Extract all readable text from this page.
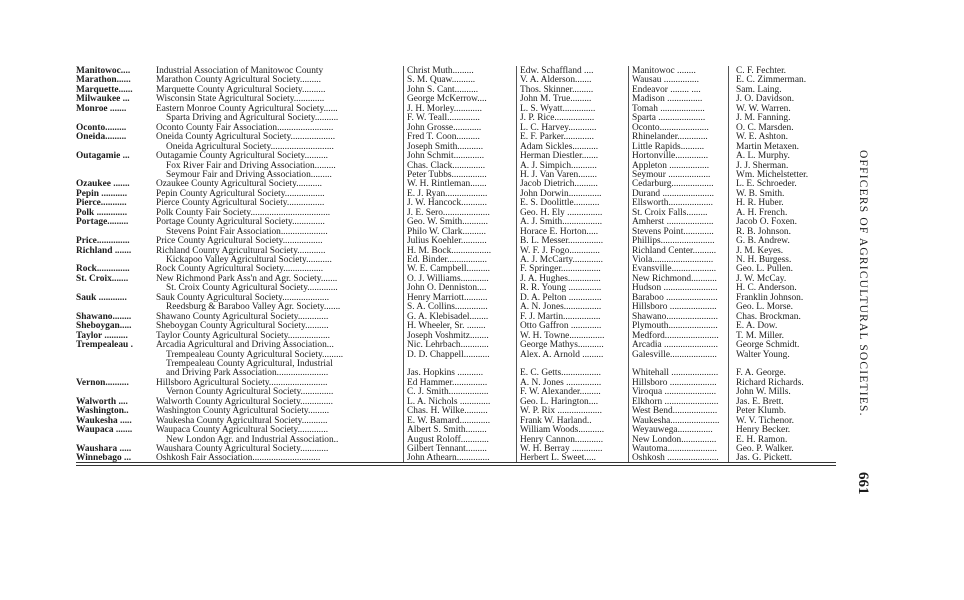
Manitowoc....	Industrial Association of Manitowoc County	Christ Muth.........	Edw. Schaffland ....	Manitowoc ........	C. F. Fechter.
Marathon......	Marathon County Agricultural Society.........	S. M. Quaw..........	V. A. Alderson.......	Wausau ...............	E. C. Zimmerman.
Marquette......	Marquette County Agricultural Society..........	John S. Cant..........	Thos. Skinner.........	Endeavor ........ ....	Sam. Laing.
Milwaukee ...	Wisconsin State Agricultural Society.............	George McKerrow....	John M. True.........	Madison ...............	J. O. Davidson.
Monroe .......	Eastern Monroe County Agricultural Society......	J. H. Morley............	L. S. Wyatt..............	Tomah ...................	W. W. Warren.
Sparta Driving and Agricultural Society..........	F. W. Teall..............	J. P. Rice.................	Sparta ....................	J. M. Fanning.
Oconto.........	Oconto County Fair Association........................	John Grosse............	L. C. Harvey............	Oconto.....................	O. C. Marsden.
Oneida.........	Oneida County Agricultural Society...................	Fred T. Coon..........	E. F. Parker.............	Rhinelander.............	W. E. Ashton.
Oneida Agricultural Society...........................	Joseph Smith...........	Adam Sickles...........	Little Rapids..........	Martin Metaxen.
Outagamie ...	Outagamie County Agricultural Society..........	John Schmit.............	Herman Diestler.......	Hortonville..............	A. L. Murphy.
Fox River Fair and Driving Association.........	Chas. Clack..............	A. J. Simpich...........	Appleton .................	J. J. Sherman.
Seymour Fair and Driving Association.........	Peter Tubbs...............	H. J. Van Varen........	Seymour ..................	Wm. Michelstetter.
Ozaukee .......	Ozaukee County Agricultural Society...........	W. H. Rintleman.......	Jacob Dietrich..........	Cedarburg..................	L. E. Schroeder.
Pepin ...........	Pepin County Agricultural Society.................	E. J. Ryan..................	John Dorwin..............	Durand ......................	W. B. Smith.
Pierce...........	Pierce County Agricultural Society................	J. W. Hancock...........	E. S. Doolittle...........	Ellsworth...................	H. R. Huber.
Polk .............	Polk County Fair Society..................................	J. E. Sero....................	Geo. H. Ely ...............	St. Croix Falls.........	A. H. French.
Portage.........	Portage County Agricultural Society..............	Geo. W. Smith...........	A. J. Smith.................	Amherst ....................	Jacob O. Foxen.
Stevens Point Fair Association....................	Philo W. Clark..........	Horace E. Horton.....	Stevens Point.............	R. B. Johnson.
Price..............	Price County Agricultural Society.................	Julius Koehler...........	B. L. Messer...............	Phillips.......................	G. B. Andrew.
Richland .......	Richland County Agricultural Society............	H. M. Bock.................	W. F. J. Fogo.............	Richland Center..........	J. M. Keyes.
Kickapoo Valley Agricultural Society...........	Ed. Binder.................	A. J. McCarty.............	Viola..........................	N. H. Burgess.
Rock..............	Rock County Agricultural Society.................	W. E. Campbell..........	F. Springer.................	Evansville...................	Geo. L. Pullen.
St. Croix.......	New Richmond Park Ass'n and Agr. Society.......	O. J. Williams............	J. A. Hughes..............	New Richmond...........	J. W. McCay.
St. Croix County Agricultural Society.............	John O. Denniston....	R. R. Young ..............	Hudson .......................	H. C. Anderson.
Sauk ............	Sauk County Agricultural Society....................	Henry Marriott..........	D. A. Pelton ..............	Baraboo ......................	Franklin Johnson.
Reedsburg & Baraboo Valley Agr. Society.......	S. A. Collins..............	A. N. Jones................	Hillsboro ....................	Geo. L. Morse.
Shawano........	Shawano County Agricultural Society.............	G. A. Klebisadel........	F. J. Martin................	Shawano......................	Chas. Brockman.
Sheboygan.....	Sheboygan County Agricultural Society..........	H. Wheeler, Sr. ........	Otto Gaffron .............	Plymouth.....................	E. A. Dow.
Taylor ..........	Taylor County Agricultural Society..................	Joseph Voshmitz........	W. H. Towne...............	Medford.......................	T. M. Miller.
Trempealeau .	Arcadia Agricultural and Driving Association...	Nic. Lehrbach............	George Mathys...........	Arcadia .......................	George Schmidt.
Trempealeau County Agricultural Society.........	D. D. Chappell...........	Alex. A. Arnold .........	Galesville....................	Walter Young.
Trempealeau County Agricultural, Industrial
and Driving Park Association......................	Jas. Hopkins ...........	E. C. Getts.................	Whitehall ....................	F. A. George.
Vernon..........	Hillsboro Agricultural Society.........................	Ed Hammer...............	A. N. Jones ...............	Hillsboro ....................	Richard Richards.
Vernon County Agricultural Society..............	C. J. Smith.................	F. W. Alexander.........	Viroqua ......................	John W. Mills.
Walworth ....	Walworth County Agricultural Society..............	L. A. Nichols .............	Geo. L. Harington....	Elkhorn .......................	Jas. E. Brett.
Washington..	Washington County Agricultural Society.........	Chas. H. Wilke..........	W. P. Rix ...................	West Bend...................	Peter Klumb.
Waukesha .....	Waukesha County Agricultural Society...........	E. W. Bamard.............	Frank W. Harland..	Waukesha.....................	W. V. Tichenor.
Waupaca .......	Waupaca County Agricultural Society.............	Albert S. Smith.........	William Woods...........	Weyauwega...............	Henry Becker.
New London Agr. and Industrial Association..	August Roloff............	Henry Cannon............	New London...............	E. H. Ramon.
Waushara .....	Waushara County Agricultural Society............	Gilbert Tennant.........	W. H. Berray .............	Wautoma.....................	Geo. P. Walker.
Winnebago ...	Oshkosh Fair Association.............................	John Athearn..............	Herbert L. Sweet.....	Oshkosh ......................	Jas. G. Pickett.
OFFICERS OF AGRICULTURAL SOCIETIES.
661
